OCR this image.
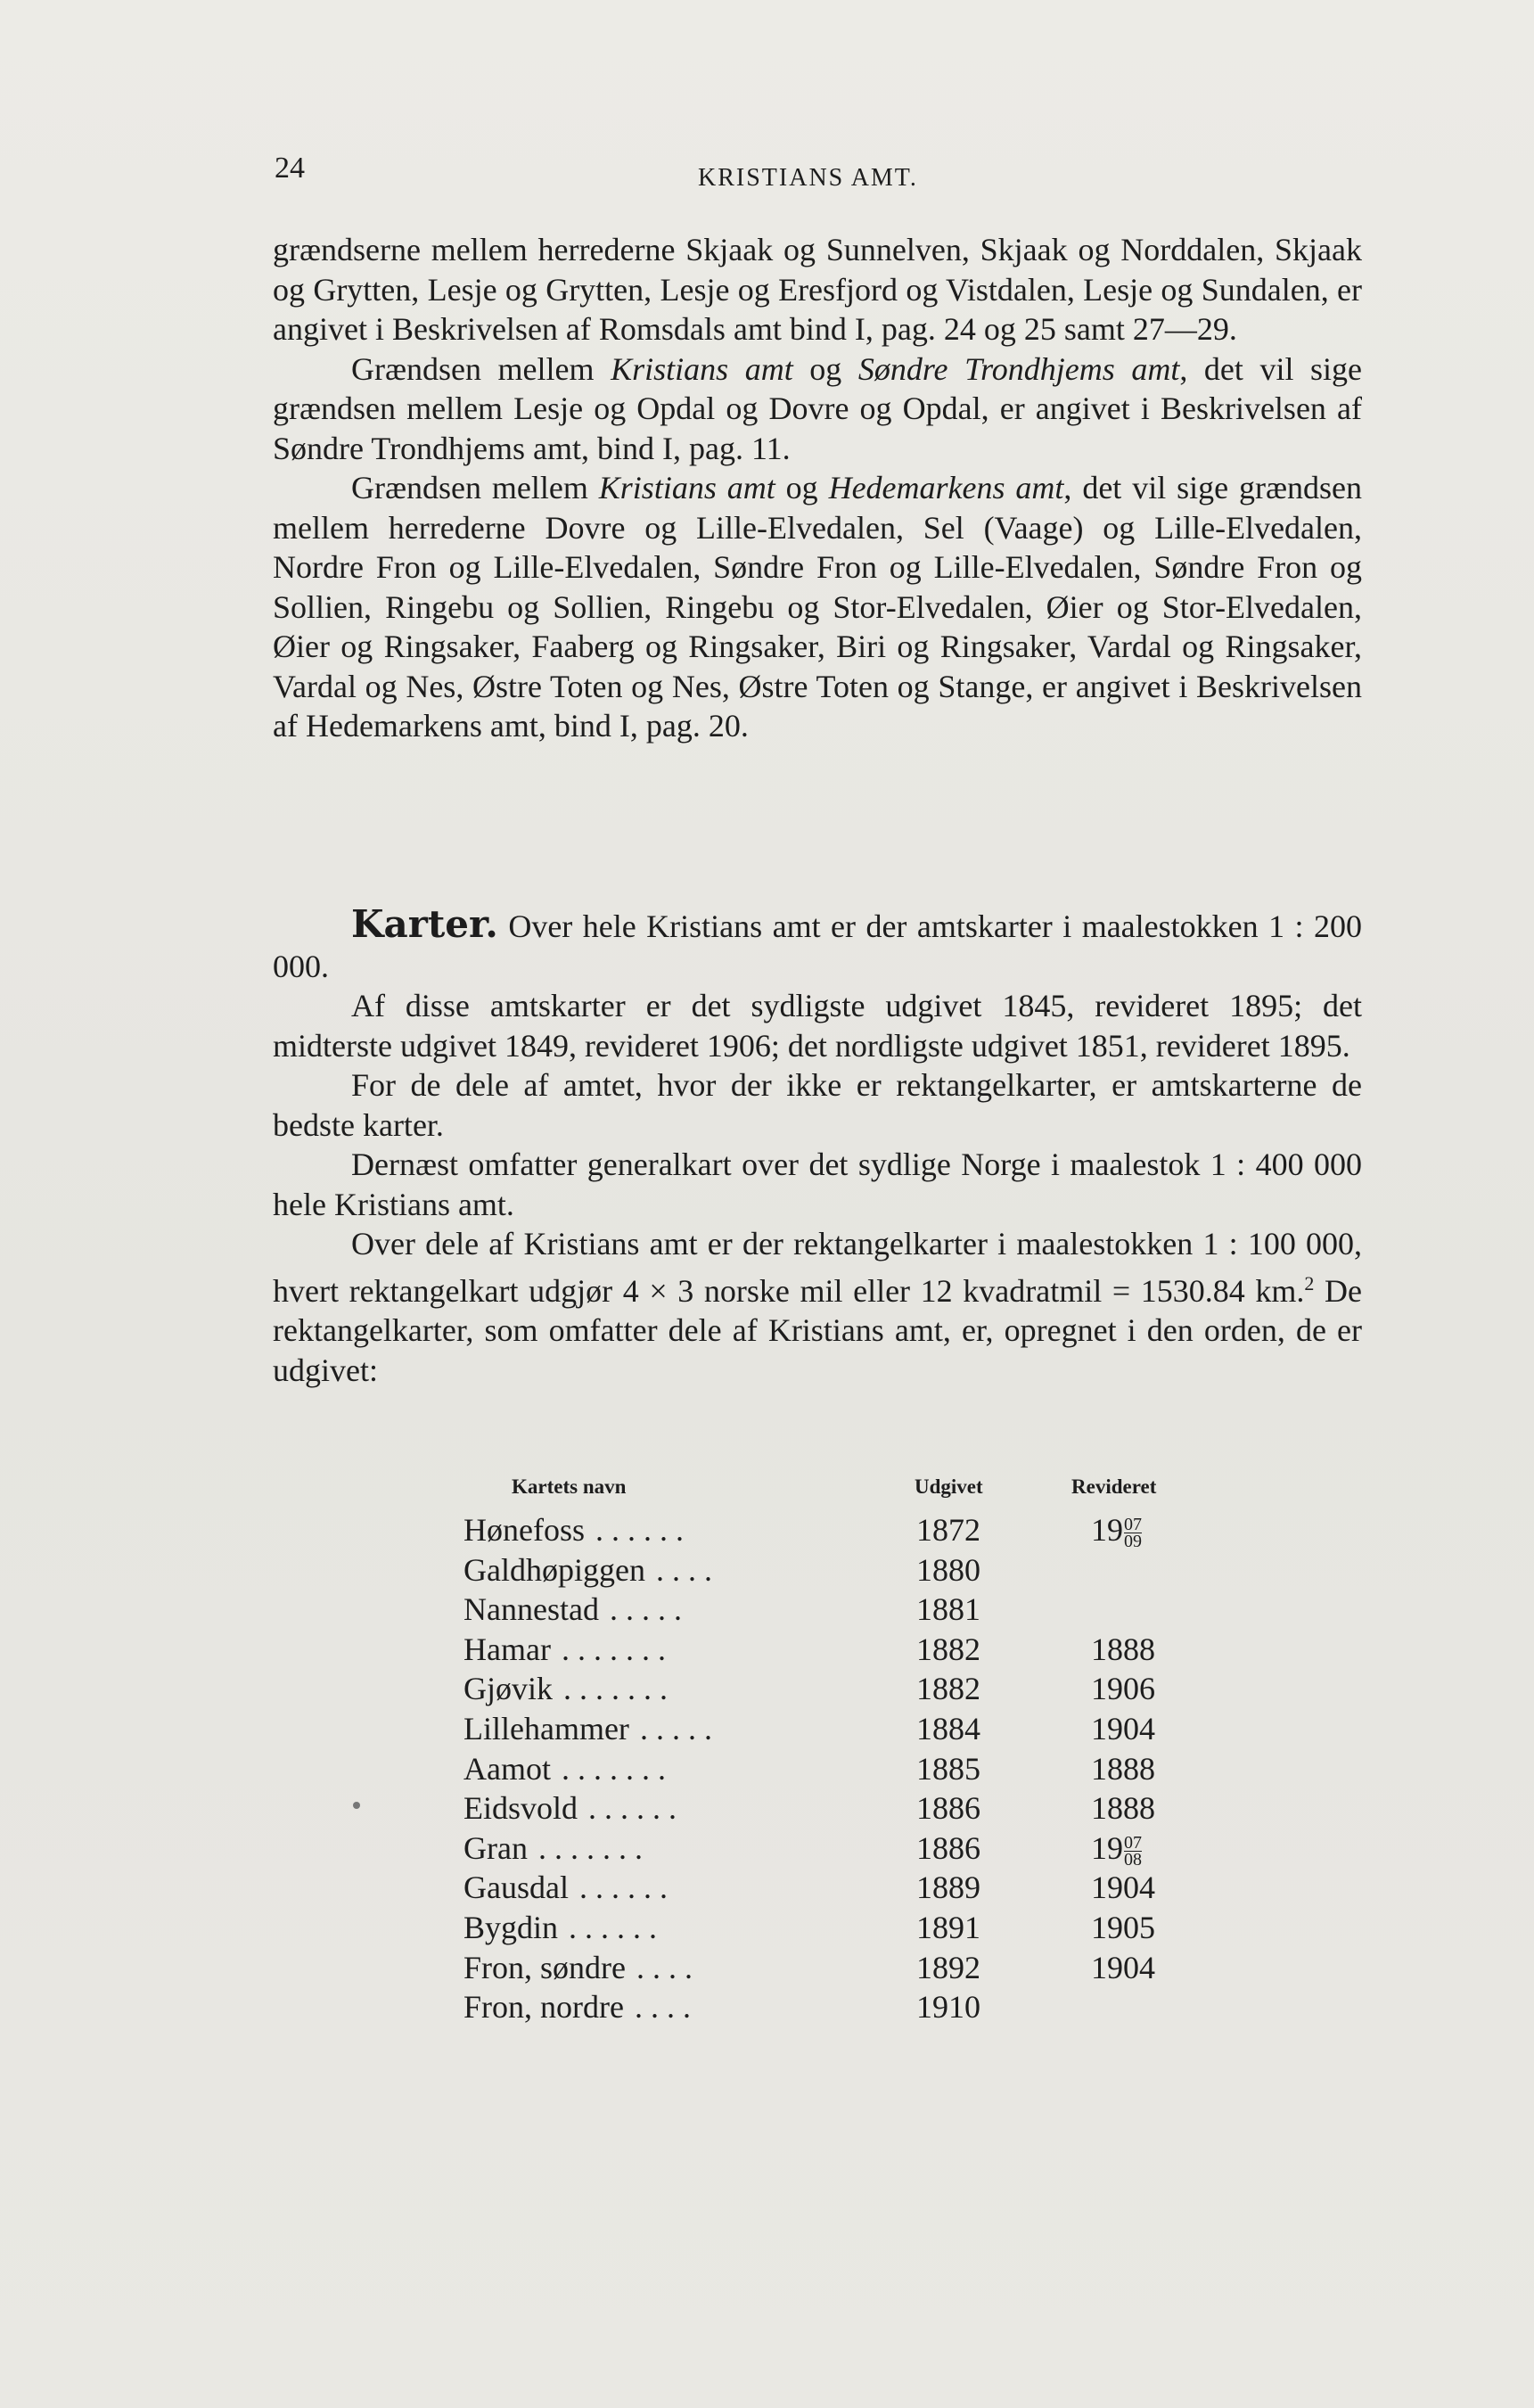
24	KRISTIANS AMT.

grændserne mellem herrederne Skjaak og Sunnelven, Skjaak og Norddalen, Skjaak og Grytten, Lesje og Grytten, Lesje og Eresfjord og Vistdalen, Lesje og Sundalen, er angivet i Beskrivelsen af Romsdals amt bind I, pag. 24 og 25 samt 27—29.

Grændsen mellem Kristians amt og Søndre Trondhjems amt, det vil sige grændsen mellem Lesje og Opdal og Dovre og Opdal, er angivet i Beskrivelsen af Søndre Trondhjems amt, bind I, pag. 11.

Grændsen mellem Kristians amt og Hedemarkens amt, det vil sige grændsen mellem herrederne Dovre og Lille-Elvedalen, Sel (Vaage) og Lille-Elvedalen, Nordre Fron og Lille-Elvedalen, Søndre Fron og Lille-Elvedalen, Søndre Fron og Sollien, Ringebu og Sollien, Ringebu og Stor-Elvedalen, Øier og Stor-Elvedalen, Øier og Ringsaker, Faaberg og Ringsaker, Biri og Ringsaker, Vardal og Ringsaker, Vardal og Nes, Østre Toten og Nes, Østre Toten og Stange, er angivet i Beskrivelsen af Hedemarkens amt, bind I, pag. 20.

Karter. Over hele Kristians amt er der amtskarter i maalestokken 1 : 200 000.

Af disse amtskarter er det sydligste udgivet 1845, revideret 1895; det midterste udgivet 1849, revideret 1906; det nordligste udgivet 1851, revideret 1895.

For de dele af amtet, hvor der ikke er rektangelkarter, er amtskarterne de bedste karter.

Dernæst omfatter generalkart over det sydlige Norge i maalestok 1 : 400 000 hele Kristians amt.

Over dele af Kristians amt er der rektangelkarter i maalestokken 1 : 100 000, hvert rektangelkart udgjør 4 × 3 norske mil eller 12 kvadratmil = 1530.84 km.$^2$ De rektangelkarter, som omfatter dele af Kristians amt, er, opregnet i den orden, de er udgivet:

Kartets navn	Udgivet	Revideret
Hønefoss . . . . . .	1872	$19 \frac{07}{09}$
Galdhøpiggen . . . .	1880
Nannestad . . . . .	1881
Hamar . . . . . . .	1882	1888
Gjøvik . . . . . . .	1882	1906
Lillehammer . . . . .	1884	1904
Aamot . . . . . . .	1885	1888
Eidsvold . . . . . .	1886	1888
Gran . . . . . . .	1886	$19 \frac{07}{08}$
Gausdal . . . . . .	1889	1904
Bygdin . . . . . .	1891	1905
Fron, søndre . . . .	1892	1904
Fron, nordre . . . .	1910
